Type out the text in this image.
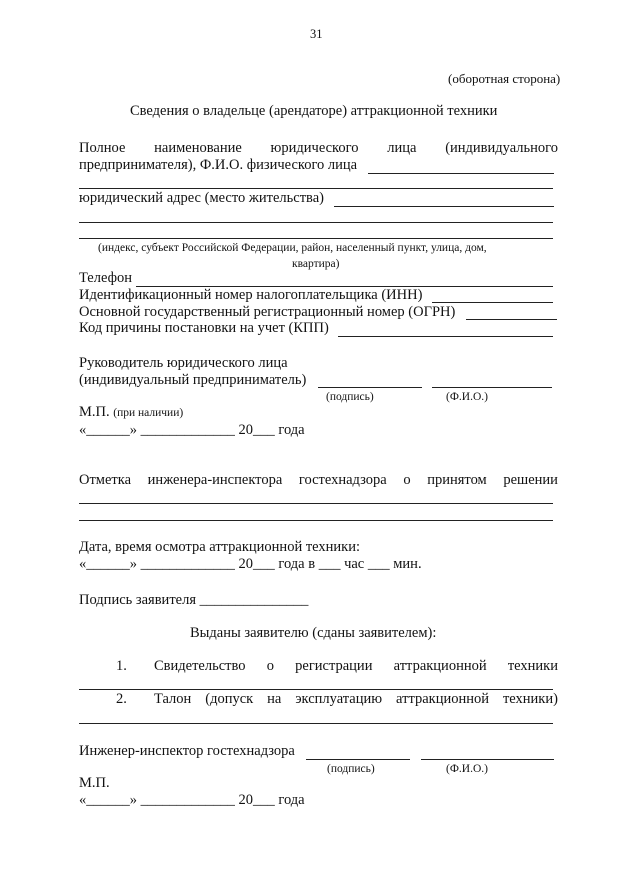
31
(оборотная сторона)
Сведения о владельце (арендаторе) аттракционной техники
Полное наименование юридического лица (индивидуального
предпринимателя), Ф.И.О. физического лица
юридический адрес (место жительства)
(индекс, субъект Российской Федерации, район, населенный пункт, улица, дом,
квартира)
Телефон
Идентификационный номер налогоплательщика (ИНН)
Основной государственный регистрационный номер (ОГРН)
Код причины постановки на учет (КПП)
Руководитель юридического лица
(индивидуальный предприниматель)
(подпись)	(Ф.И.О.)
М.П. (при наличии)
«______» _____________ 20___ года
Отметка инженера-инспектора гостехнадзора о принятом решении
Дата, время осмотра аттракционной техники:
«______» _____________ 20___ года в ___ час ___ мин.
Подпись заявителя _______________
Выданы заявителю (сданы заявителем):
1. Свидетельство о регистрации аттракционной техники
2. Талон (допуск на эксплуатацию аттракционной техники)
Инженер-инспектор гостехнадзора
(подпись)	(Ф.И.О.)
М.П.
«______» _____________ 20___ года
